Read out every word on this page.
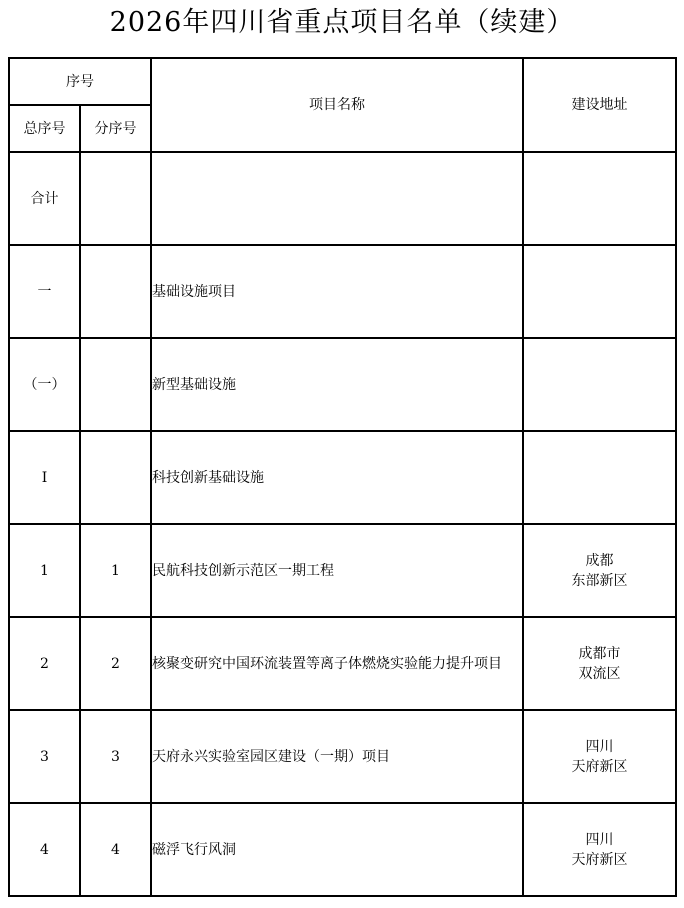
2026年四川省重点项目名单（续建）
序号		项目名称	建设地址
总序号	分序号		
合计			

一		基础设施项目	

（一）		新型基础设施	

I		科技创新基础设施	

1	1	民航科技创新示范区一期工程	成都
东部新区

2	2	核聚变研究中国环流装置等离子体燃烧实验能力提升项目	成都市
双流区

3	3	天府永兴实验室园区建设（一期）项目	四川
天府新区

4	4	磁浮飞行风洞	四川
天府新区
